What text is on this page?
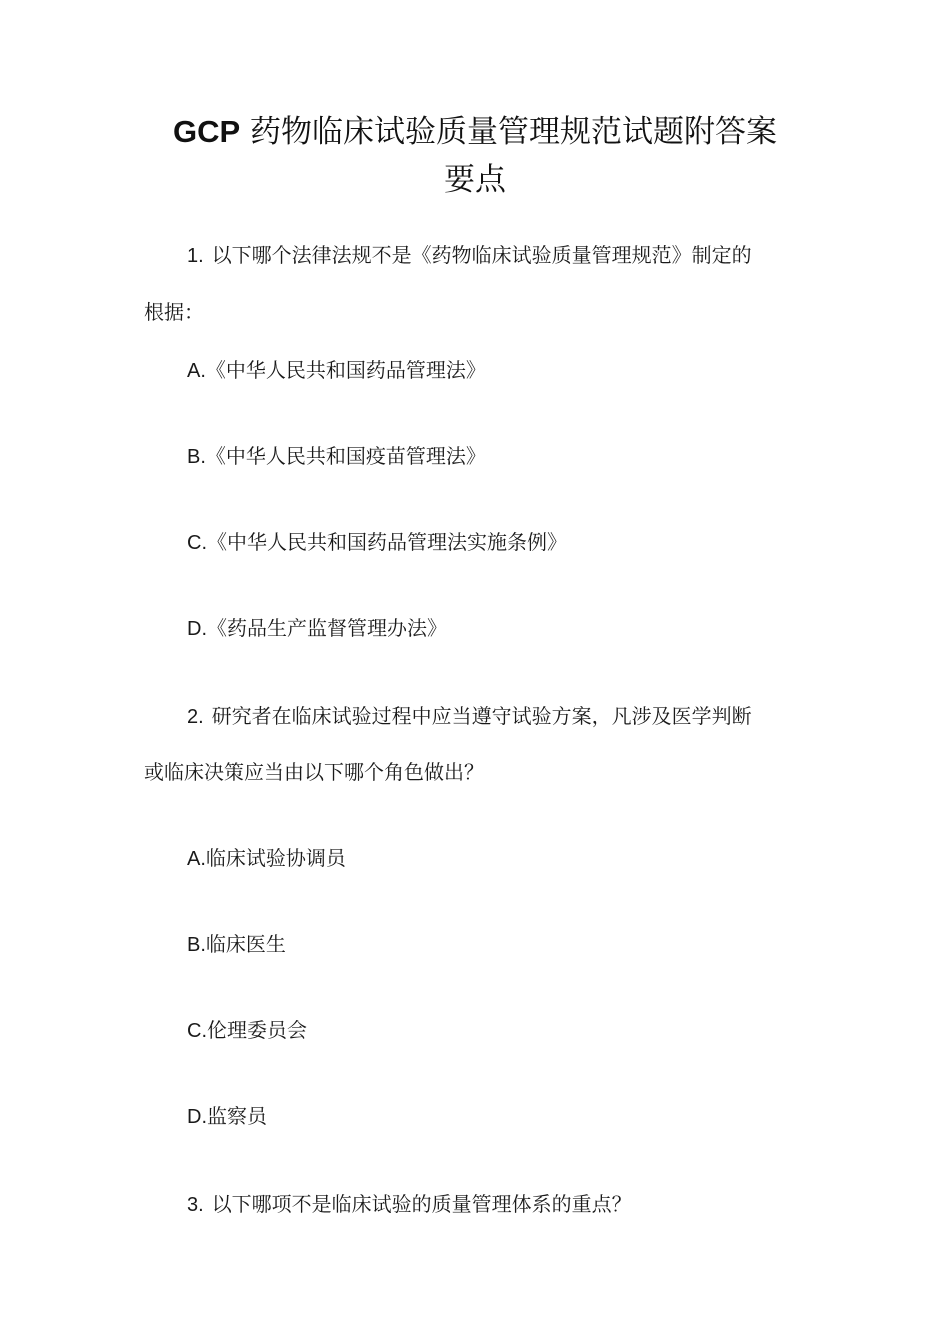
GCP 药物临床试验质量管理规范试题附答案
要点

1. 以下哪个法律法规不是《药物临床试验质量管理规范》制定的

根据：

A.《中华人民共和国药品管理法》

B.《中华人民共和国疫苗管理法》

C.《中华人民共和国药品管理法实施条例》

D.《药品生产监督管理办法》

2. 研究者在临床试验过程中应当遵守试验方案，凡涉及医学判断

或临床决策应当由以下哪个角色做出？

A.临床试验协调员

B.临床医生

C.伦理委员会

D.监察员

3. 以下哪项不是临床试验的质量管理体系的重点？
